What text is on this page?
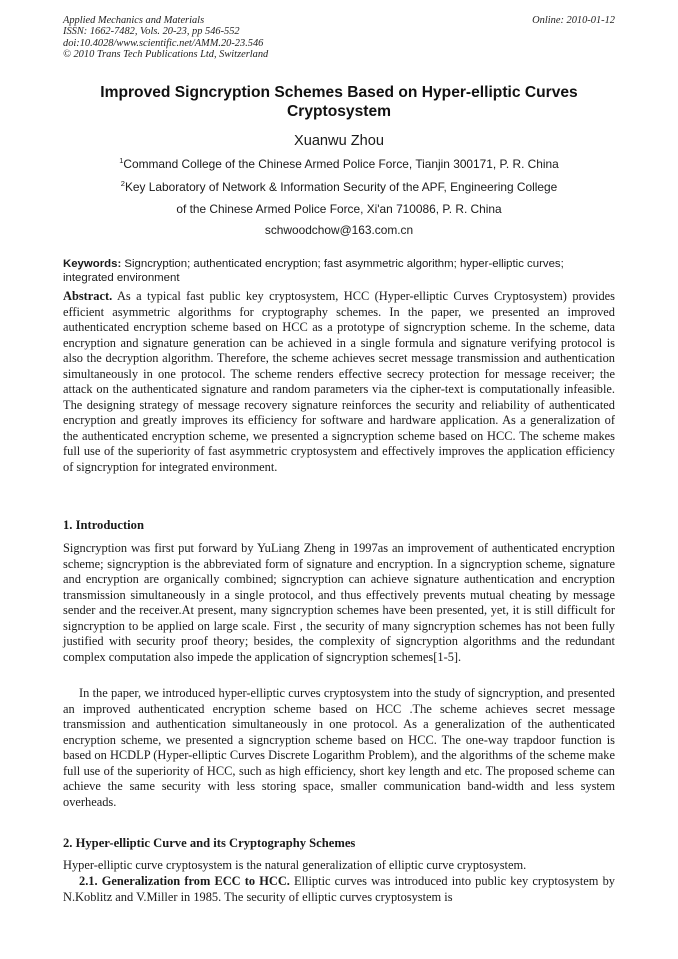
Applied Mechanics and Materials
ISSN: 1662-7482, Vols. 20-23, pp 546-552
doi:10.4028/www.scientific.net/AMM.20-23.546
© 2010 Trans Tech Publications Ltd, Switzerland
Online: 2010-01-12
Improved Signcryption Schemes Based on Hyper-elliptic Curves Cryptosystem
Xuanwu Zhou
$^1$Command College of the Chinese Armed Police Force, Tianjin 300171, P. R. China
$^2$Key Laboratory of Network & Information Security of the APF, Engineering College
of the Chinese Armed Police Force, Xi'an 710086, P. R. China
schwoodchow@163.com.cn
Keywords: Signcryption; authenticated encryption; fast asymmetric algorithm; hyper-elliptic curves; integrated environment
Abstract. As a typical fast public key cryptosystem, HCC (Hyper-elliptic Curves Cryptosystem) provides efficient asymmetric algorithms for cryptography schemes. In the paper, we presented an improved authenticated encryption scheme based on HCC as a prototype of signcryption scheme. In the scheme, data encryption and signature generation can be achieved in a single formula and signature verifying protocol is also the decryption algorithm. Therefore, the scheme achieves secret message transmission and authentication simultaneously in one protocol. The scheme renders effective secrecy protection for message receiver; the attack on the authenticated signature and random parameters via the cipher-text is computationally infeasible. The designing strategy of message recovery signature reinforces the security and reliability of authenticated encryption and greatly improves its efficiency for software and hardware application. As a generalization of the authenticated encryption scheme, we presented a signcryption scheme based on HCC. The scheme makes full use of the superiority of fast asymmetric cryptosystem and effectively improves the application efficiency of signcryption for integrated environment.
1. Introduction
Signcryption was first put forward by YuLiang Zheng in 1997as an improvement of authenticated encryption scheme; signcryption is the abbreviated form of signature and encryption. In a signcryption scheme, signature and encryption are organically combined; signcryption can achieve signature authentication and encryption transmission simultaneously in a single protocol, and thus effectively prevents mutual cheating by message sender and the receiver.At present, many signcryption schemes have been presented, yet, it is still difficult for signcryption to be applied on large scale. First , the security of many signcryption schemes has not been fully justified with security proof theory; besides, the complexity of signcryption algorithms and the redundant complex computation also impede the application of signcryption schemes[1-5].
In the paper, we introduced hyper-elliptic curves cryptosystem into the study of signcryption, and presented an improved authenticated encryption scheme based on HCC .The scheme achieves secret message transmission and authentication simultaneously in one protocol. As a generalization of the authenticated encryption scheme, we presented a signcryption scheme based on HCC. The one-way trapdoor function is based on HCDLP (Hyper-elliptic Curves Discrete Logarithm Problem), and the algorithms of the scheme make full use of the superiority of HCC, such as high efficiency, short key length and etc. The proposed scheme can achieve the same security with less storing space, smaller communication band-width and less system overheads.
2. Hyper-elliptic Curve and its Cryptography Schemes
Hyper-elliptic curve cryptosystem is the natural generalization of elliptic curve cryptosystem.
2.1. Generalization from ECC to HCC. Elliptic curves was introduced into public key cryptosystem by N.Koblitz and V.Miller in 1985. The security of elliptic curves cryptosystem is
